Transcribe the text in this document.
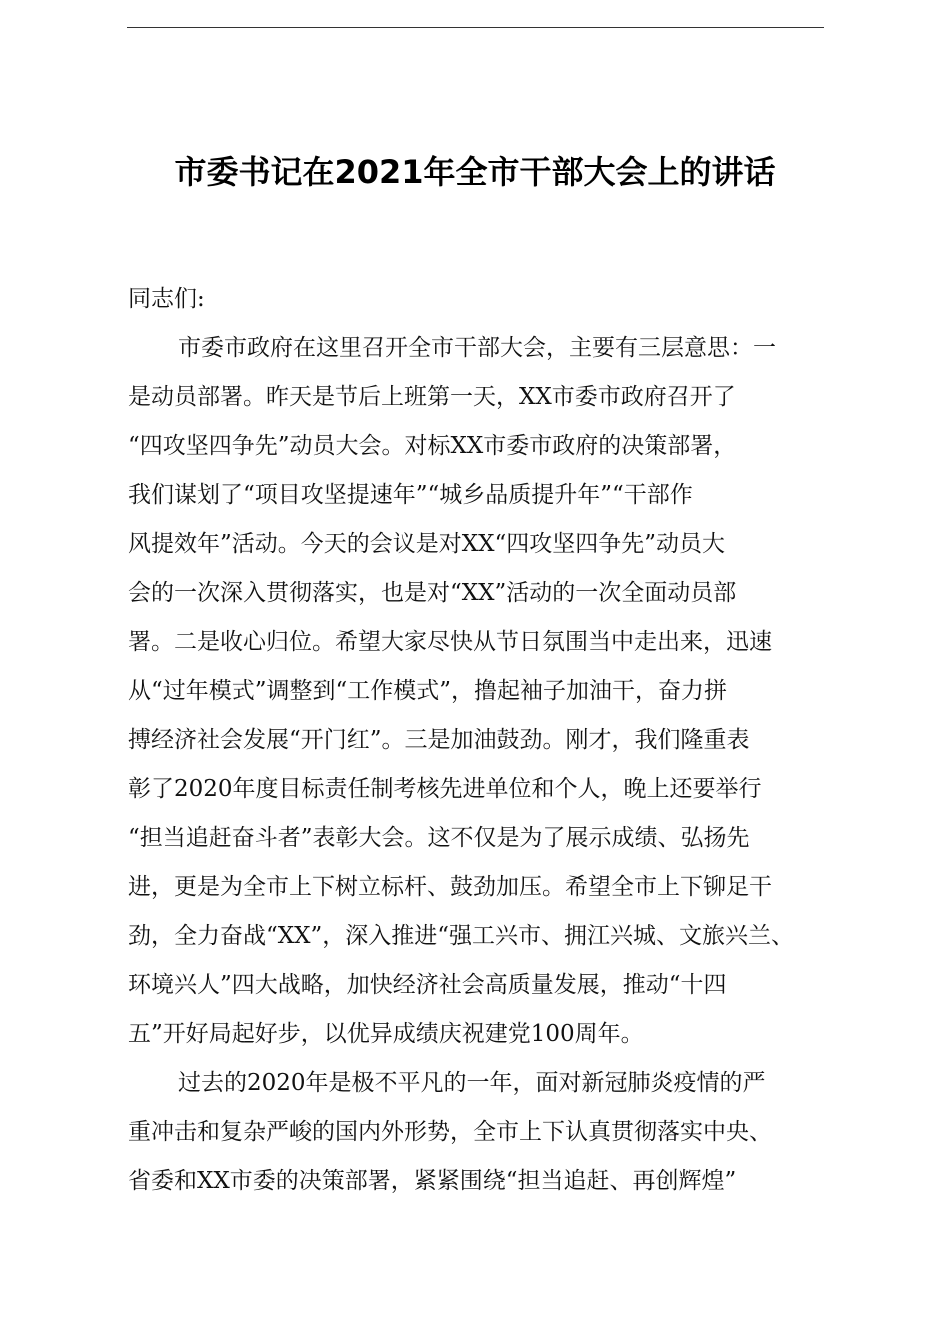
市委书记在2021年全市干部大会上的讲话
同志们:
市委市政府在这里召开全市干部大会，主要有三层意思：一
是动员部署。昨天是节后上班第一天，XX市委市政府召开了
“四攻坚四争先”动员大会。对标XX市委市政府的决策部署，
我们谋划了“项目攻坚提速年”“城乡品质提升年”“干部作
风提效年”活动。今天的会议是对XX“四攻坚四争先”动员大
会的一次深入贯彻落实，也是对“XX”活动的一次全面动员部
署。二是收心归位。希望大家尽快从节日氛围当中走出来，迅速
从“过年模式”调整到“工作模式”，撸起袖子加油干，奋力拼
搏经济社会发展“开门红”。三是加油鼓劲。刚才，我们隆重表
彰了2020年度目标责任制考核先进单位和个人，晚上还要举行
“担当追赶奋斗者”表彰大会。这不仅是为了展示成绩、弘扬先
进，更是为全市上下树立标杆、鼓劲加压。希望全市上下铆足干
劲，全力奋战“XX”，深入推进“强工兴市、拥江兴城、文旅兴兰、
环境兴人”四大战略，加快经济社会高质量发展，推动“十四
五”开好局起好步，以优异成绩庆祝建党100周年。
过去的2020年是极不平凡的一年，面对新冠肺炎疫情的严
重冲击和复杂严峻的国内外形势，全市上下认真贯彻落实中央、
省委和XX市委的决策部署，紧紧围绕“担当追赶、再创辉煌”
